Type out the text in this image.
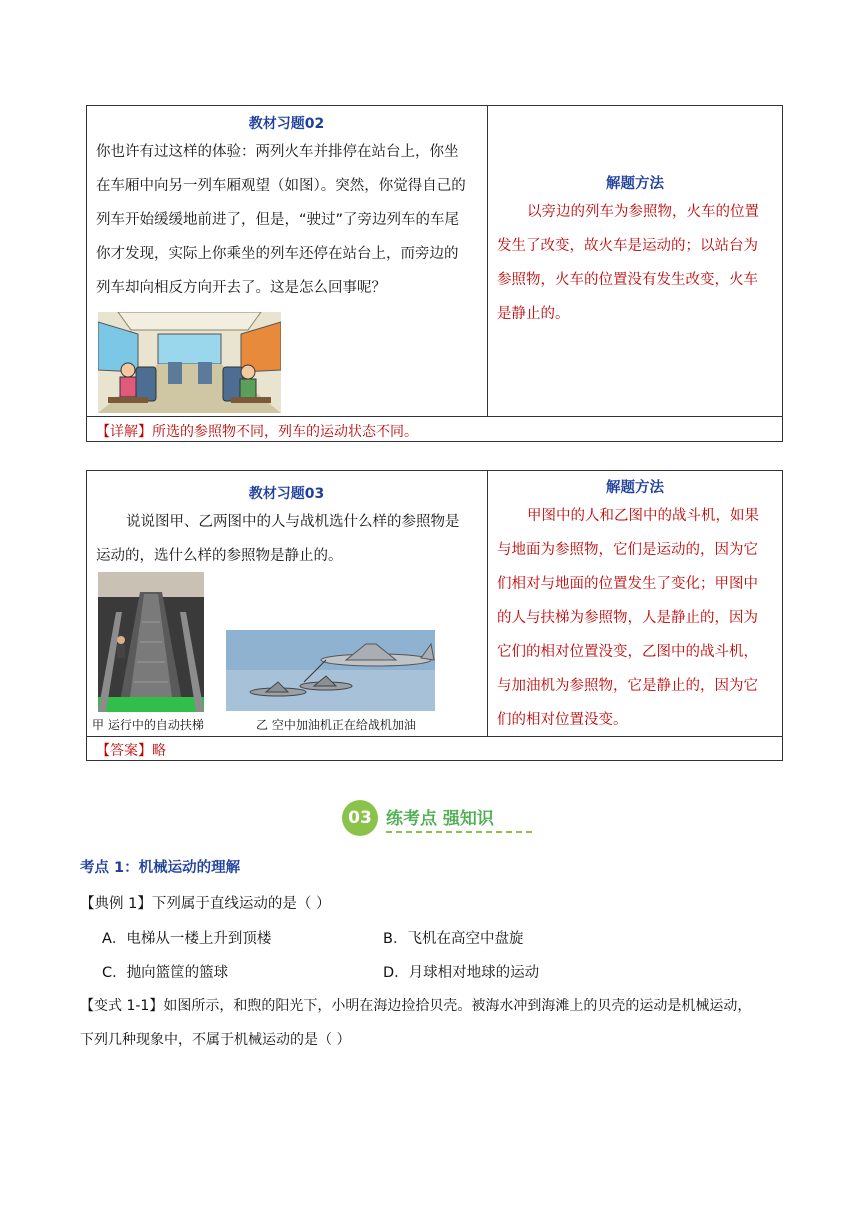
教材习题02
你也许有过这样的体验：两列火车并排停在站台上，你坐
在车厢中向另一列车厢观望（如图）。突然，你觉得自己的
列车开始缓缓地前进了，但是，“驶过”了旁边列车的车尾
你才发现，实际上你乘坐的列车还停在站台上，而旁边的
列车却向相反方向开去了。这是怎么回事呢？
解题方法
以旁边的列车为参照物，火车的位置
发生了改变，故火车是运动的；以站台为
参照物，火车的位置没有发生改变，火车
是静止的。
【详解】所选的参照物不同，列车的运动状态不同。
教材习题03
说说图甲、乙两图中的人与战机选什么样的参照物是
运动的，选什么样的参照物是静止的。
甲 运行中的自动扶梯	乙 空中加油机正在给战机加油
解题方法
甲图中的人和乙图中的战斗机，如果
与地面为参照物，它们是运动的，因为它
们相对与地面的位置发生了变化；甲图中
的人与扶梯为参照物，人是静止的，因为
它们的相对位置没变，乙图中的战斗机，
与加油机为参照物，它是静止的，因为它
们的相对位置没变。
【答案】略
03 练考点 强知识
考点 1：机械运动的理解
【典例 1】下列属于直线运动的是（ ）
A．电梯从一楼上升到顶楼	B．飞机在高空中盘旋
C．抛向篮筐的篮球	D．月球相对地球的运动
【变式 1-1】如图所示，和煦的阳光下，小明在海边捡拾贝壳。被海水冲到海滩上的贝壳的运动是机械运动，
下列几种现象中，不属于机械运动的是（ ）
